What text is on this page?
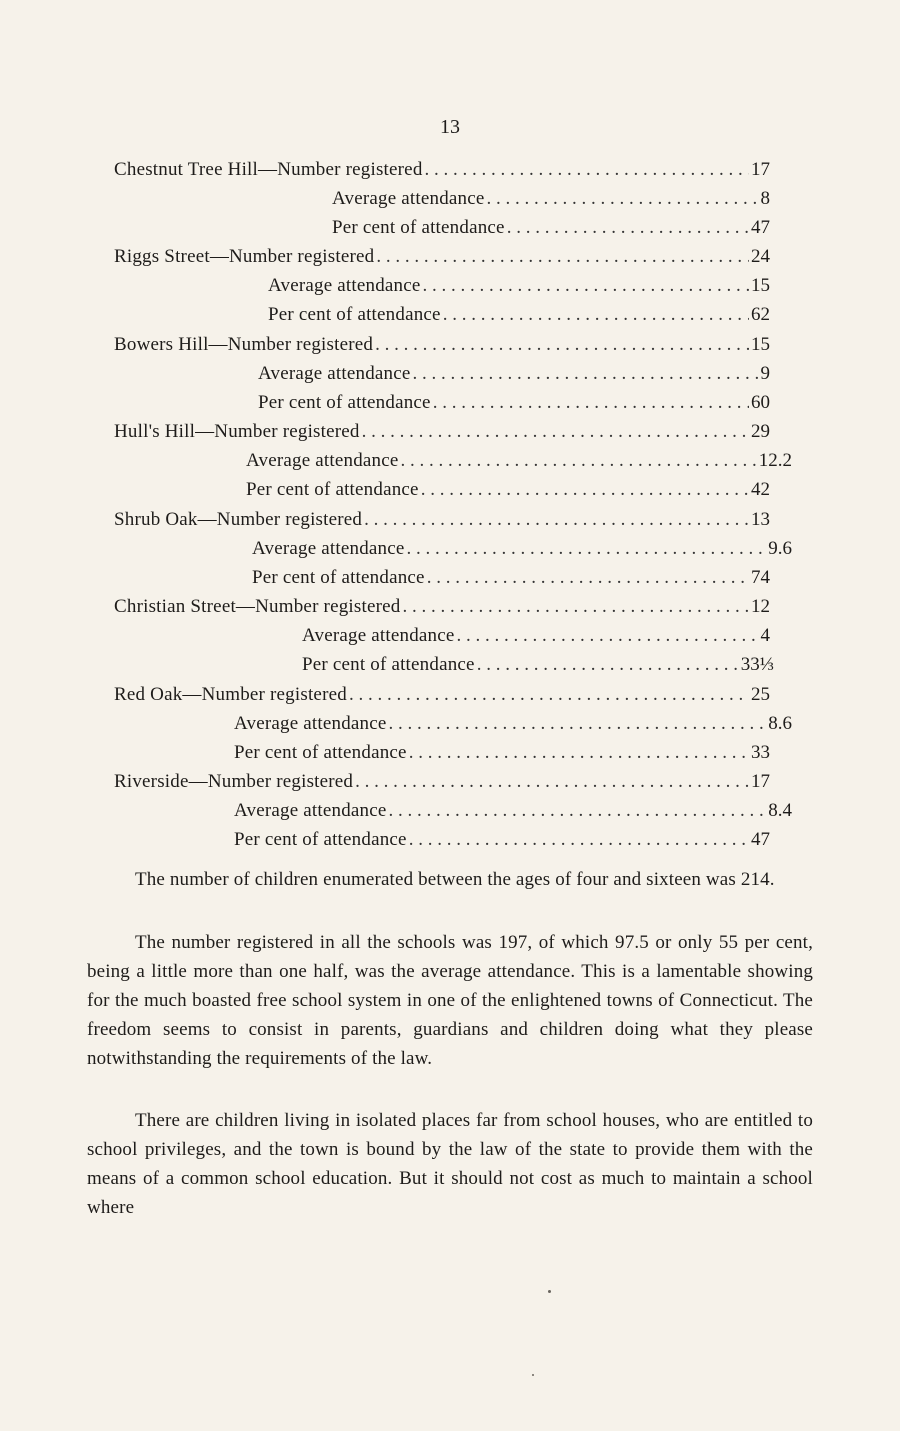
13
Chestnut Tree Hill—Number registered . . .	17
Average attendance . . .	8
Per cent of attendance . . .	47
Riggs Street—Number registered . . .	24
Average attendance . . .	15
Per cent of attendance . . .	62
Bowers Hill—Number registered . . .	15
Average attendance . . .	9
Per cent of attendance . . .	60
Hull's Hill—Number registered . . .	29
Average attendance . . .	12.2
Per cent of attendance . . .	42
Shrub Oak—Number registered . . .	13
Average attendance . . .	9.6
Per cent of attendance . . .	74
Christian Street—Number registered . . .	12
Average attendance . . .	4
Per cent of attendance . . .	33⅓
Red Oak—Number registered . . .	25
Average attendance . . .	8.6
Per cent of attendance . . .	33
Riverside—Number registered . . .	17
Average attendance . . .	8.4
Per cent of attendance . . .	47
The number of children enumerated between the ages of four and sixteen was 214.
The number registered in all the schools was 197, of which 97.5 or only 55 per cent, being a little more than one half, was the average attendance. This is a lamentable showing for the much boasted free school system in one of the enlightened towns of Connecticut. The freedom seems to consist in parents, guardians and children doing what they please notwithstanding the requirements of the law.
There are children living in isolated places far from school houses, who are entitled to school privileges, and the town is bound by the law of the state to provide them with the means of a common school education. But it should not cost as much to maintain a school where
